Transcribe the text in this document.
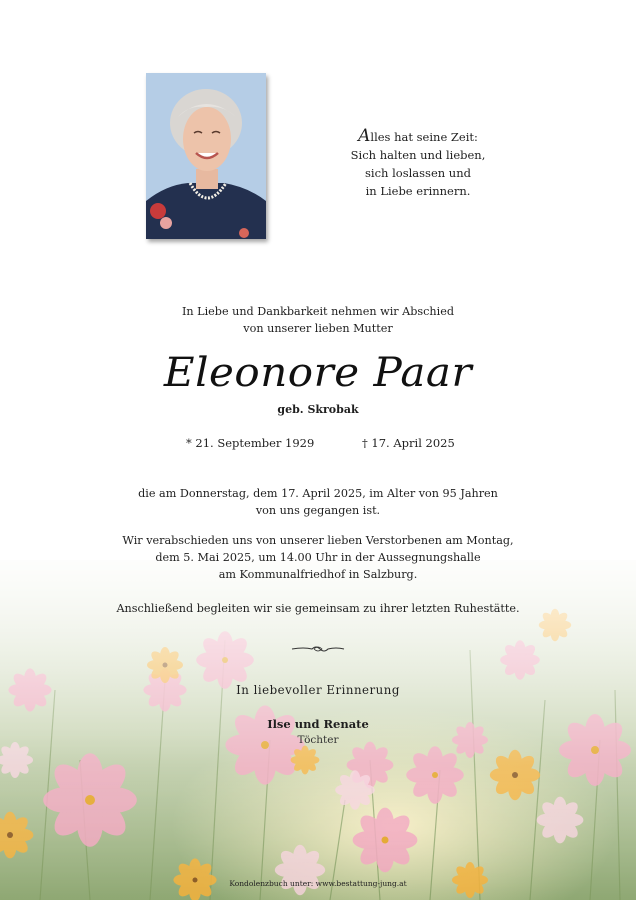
Alles hat seine Zeit:
Sich halten und lieben,
sich loslassen und
in Liebe erinnern.
In Liebe und Dankbarkeit nehmen wir Abschied
von unserer lieben Mutter
Eleonore Paar
geb. Skrobak
* 21. September 1929	† 17. April 2025
die am Donnerstag, dem 17. April 2025, im Alter von 95 Jahren
von uns gegangen ist.
Wir verabschieden uns von unserer lieben Verstorbenen am Montag,
dem 5. Mai 2025, um 14.00 Uhr in der Aussegnungshalle
am Kommunalfriedhof in Salzburg.
Anschließend begleiten wir sie gemeinsam zu ihrer letzten Ruhestätte.
In liebevoller Erinnerung
Ilse und Renate
Töchter
Kondolenzbuch unter: www.bestattung-jung.at
